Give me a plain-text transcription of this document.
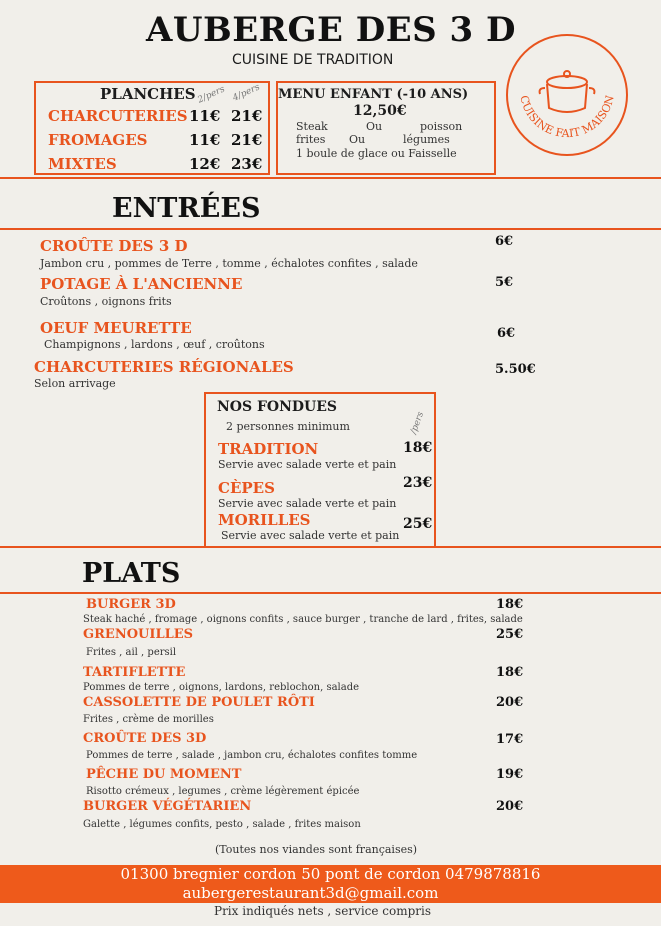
AUBERGE DES 3 D
CUISINE DE TRADITION
CUISINE FAIT MAISON
PLANCHES 2/pers 4/pers
CHARCUTERIES 11€ 21€
FROMAGES	11€ 21€
MIXTES	12€ 23€
MENU ENFANT (-10 ANS)
12,50€
Steak	Ou	poisson
frites Ou	légumes
1 boule de glace ou Faisselle
ENTRÉES
CROÛTE DES 3 D
Jambon cru , pommes de Terre , tomme , échalotes confites , salade
6€
POTAGE À L'ANCIENNE
Croûtons , oignons frits
5€
OEUF MEURETTE
Champignons , lardons , œuf , croûtons
6€
CHARCUTERIES RÉGIONALES
Selon arrivage
5.50€
NOS FONDUES
2 personnes minimum	/pers
TRADITION
Servie avec salade verte et pain
18€
CÈPES
Servie avec salade verte et pain
23€
MORILLES
Servie avec salade verte et pain
25€
PLATS
BURGER 3D
Steak haché , fromage , oignons confits , sauce burger , tranche de lard , frites, salade
18€
GRENOUILLES
Frites , ail , persil
25€
TARTIFLETTE
Pommes de terre , oignons, lardons, reblochon, salade
18€
CASSOLETTE DE POULET RÔTI
Frites , crème de morilles
20€
CROÛTE DES 3D
Pommes de terre , salade , jambon cru, échalotes confites tomme
17€
PÊCHE DU MOMENT
Risotto crémeux , legumes , crème légèrement épicée
19€
BURGER VÉGÉTARIEN
Galette , légumes confits, pesto , salade , frites maison
20€
(Toutes nos viandes sont françaises)
01300 bregnier cordon 50 pont de cordon 0479878816
aubergerestaurant3d@gmail.com
Prix indiqués nets , service compris
